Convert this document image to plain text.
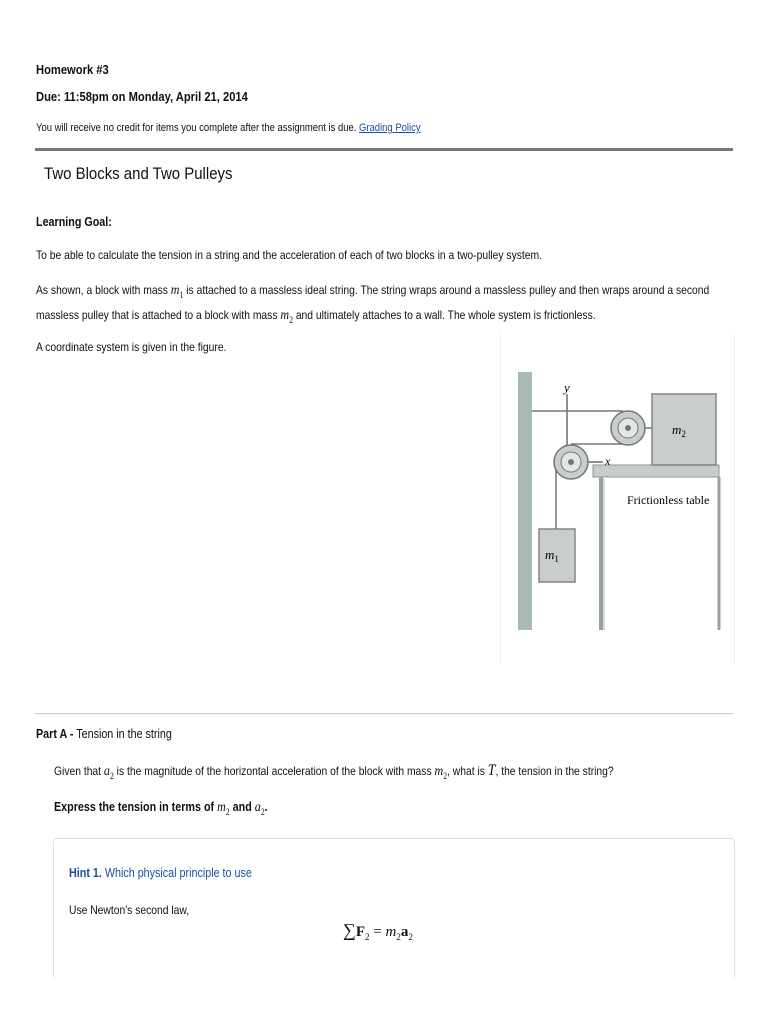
Homework #3
Due: 11:58pm on Monday, April 21, 2014
You will receive no credit for items you complete after the assignment is due. Grading Policy
Two Blocks and Two Pulleys
Learning Goal:
To be able to calculate the tension in a string and the acceleration of each of two blocks in a two-pulley system.
As shown, a block with mass $m_1$ is attached to a massless ideal string. The string wraps around a massless pulley and then wraps around a second massless pulley that is attached to a block with mass $m_2$ and ultimately attaches to a wall. The whole system is frictionless.
A coordinate system is given in the figure.
y
x
$m_2$
$m_1$
Frictionless table
Part A - Tension in the string
Given that $a_2$ is the magnitude of the horizontal acceleration of the block with mass $m_2$, what is T, the tension in the string?
Express the tension in terms of $m_2$ and $a_2$.
Hint 1. Which physical principle to use
Use Newton's second law,
$\sum F_2 = m_2a_2$
